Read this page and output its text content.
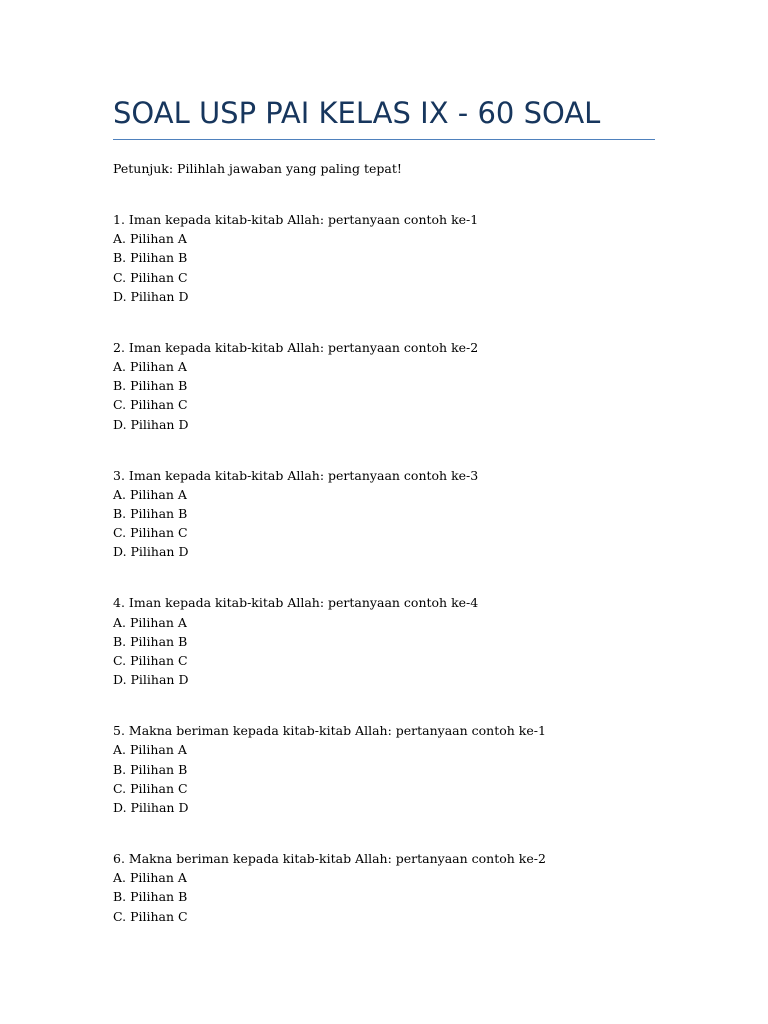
SOAL USP PAI KELAS IX - 60 SOAL

Petunjuk: Pilihlah jawaban yang paling tepat!

1. Iman kepada kitab-kitab Allah: pertanyaan contoh ke-1
A. Pilihan A
B. Pilihan B
C. Pilihan C
D. Pilihan D
2. Iman kepada kitab-kitab Allah: pertanyaan contoh ke-2
A. Pilihan A
B. Pilihan B
C. Pilihan C
D. Pilihan D
3. Iman kepada kitab-kitab Allah: pertanyaan contoh ke-3
A. Pilihan A
B. Pilihan B
C. Pilihan C
D. Pilihan D
4. Iman kepada kitab-kitab Allah: pertanyaan contoh ke-4
A. Pilihan A
B. Pilihan B
C. Pilihan C
D. Pilihan D
5. Makna beriman kepada kitab-kitab Allah: pertanyaan contoh ke-1
A. Pilihan A
B. Pilihan B
C. Pilihan C
D. Pilihan D
6. Makna beriman kepada kitab-kitab Allah: pertanyaan contoh ke-2
A. Pilihan A
B. Pilihan B
C. Pilihan C
